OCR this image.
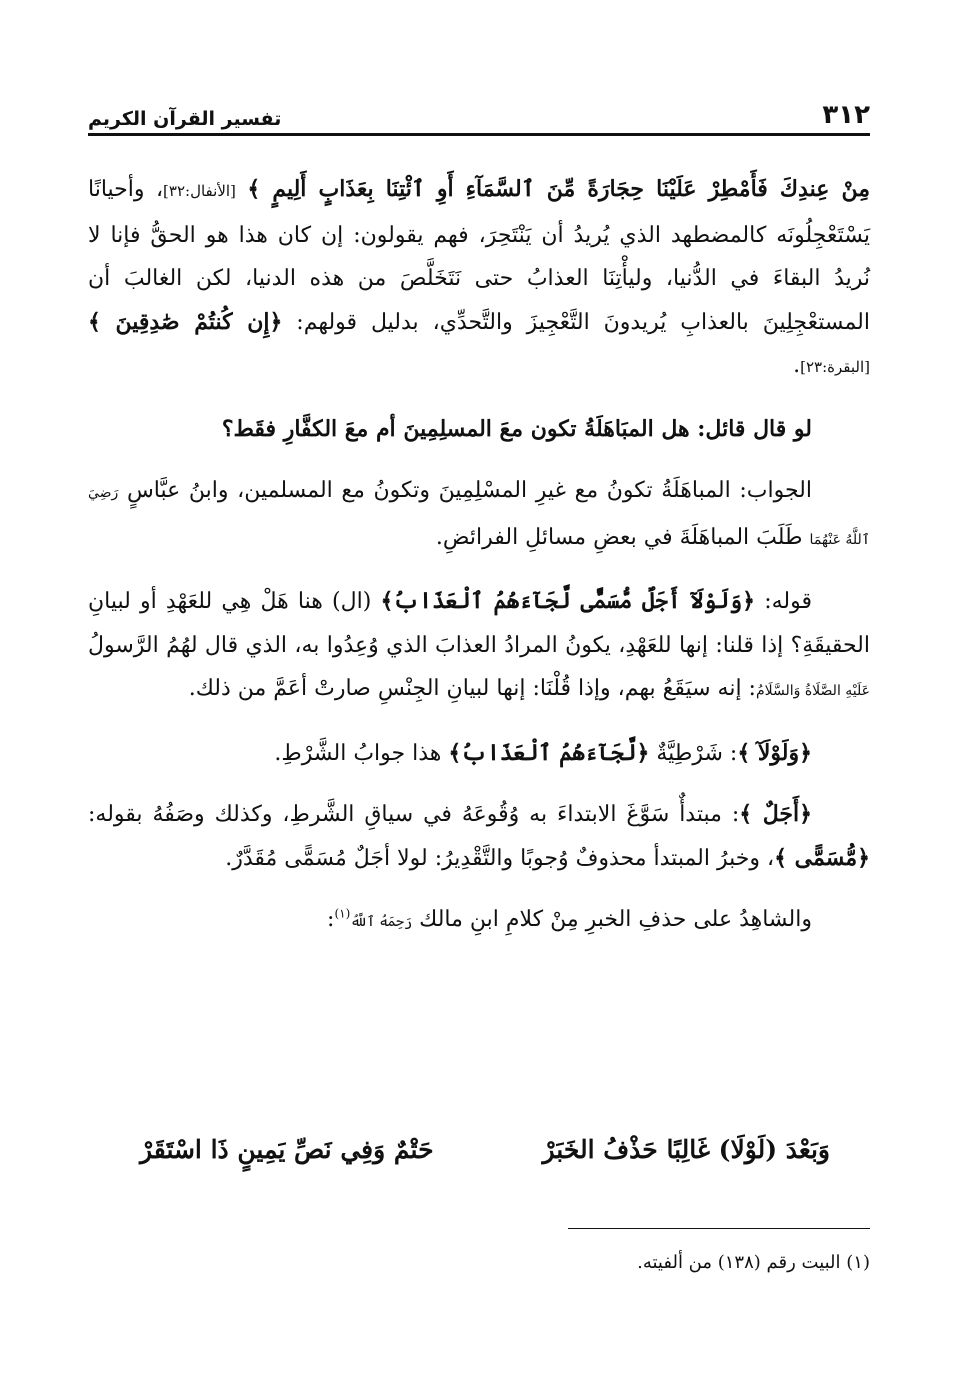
٣١٢
تفسير القرآن الكريم

مِنْ عِندِكَ فَأَمْطِرْ عَلَيْنَا حِجَارَةً مِّنَ ٱلسَّمَآءِ أَوِ ٱئْتِنَا بِعَذَابٍ أَلِيمٍ ﴾ [الأنفال:٣٢]، وأحيانًا يَسْتَعْجِلُونَه كالمضطهد الذي يُريدُ أن يَنْتَحِرَ، فهم يقولون: إن كان هذا هو الحقُّ فإنا لا نُريدُ البقاءَ في الدُّنيا، وليأْتِنَا العذابُ حتى نَتَخَلَّصَ من هذه الدنيا، لكن الغالبَ أن المستعْجِلِينَ بالعذابِ يُريدونَ التَّعْجِيزَ والتَّحدِّي، بدليل قولهم: ﴿إِن كُنتُمْ صَٰدِقِينَ ﴾ [البقرة:٢٣].

لو قال قائل: هل المبَاهَلَةُ تكون معَ المسلِمِينَ أم معَ الكفَّارِ فقَط؟

الجواب: المباهَلَةُ تكونُ مع غيرِ المسْلِمِينَ وتكونُ مع المسلمين، وابنُ عبَّاسٍ رَضِيَ ٱللَّهُ عَنْهُمَا طَلَبَ المباهَلَةَ في بعضِ مسائلِ الفرائضِ.

قوله: ﴿وَلَوْلَآ أَجَلٌ مُّسَمًّى لَّجَآءَهُمُ ٱلْعَذَابُ﴾ (ال) هنا هَلْ هِي للعَهْدِ أو لبيانِ الحقيقَةِ؟ إذا قلنا: إنها للعَهْدِ، يكونُ المرادُ العذابَ الذي وُعِدُوا به، الذي قال لهُمُ الرَّسولُ عَلَيْهِ الصَّلَاةُ وَالسَّلَامُ: إنه سيَقَعُ بهم، وإذا قُلْنَا: إنها لبيانِ الجِنْسِ صارتْ أعَمَّ من ذلك.

﴿وَلَوْلَآ ﴾: شَرْطِيَّةٌ ﴿لَّجَآءَهُمُ ٱلْعَذَابُ﴾ هذا جوابُ الشَّرْطِ.

﴿أَجَلٌ ﴾: مبتدأٌ سَوَّغَ الابتداءَ به وُقُوعَهُ في سياقِ الشَّرطِ، وكذلك وصَفُهُ بقوله: ﴿مُّسَمًّى ﴾، وخبرُ المبتدأ محذوفٌ وُجوبًا والتَّقْدِيرُ: لولا أجَلٌ مُسَمًّى مُقَدَّرٌ.

والشاهِدُ على حذفِ الخبرِ مِنْ كلامِ ابنِ مالك رَحِمَهُ ٱللَّهُ$^{(١)}$:

وَبَعْدَ (لَوْلَا) غَالِبًا حَذْفُ الخَبَرْ
حَتْمٌ وَفِي نَصِّ يَمِينٍ ذَا اسْتَقَرْ
(١) البيت رقم (١٣٨) من ألفيته.
